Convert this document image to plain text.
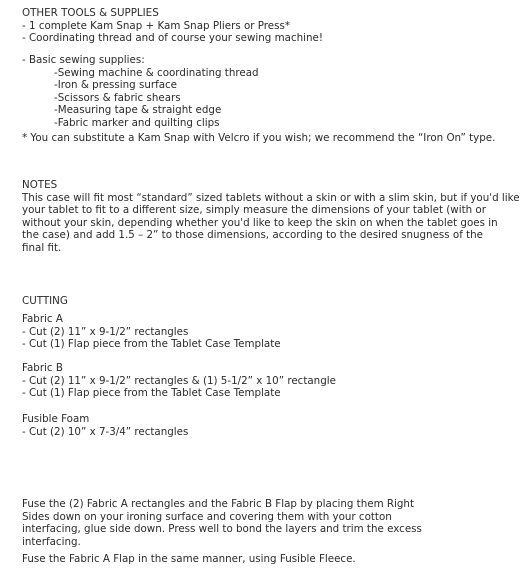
OTHER TOOLS & SUPPLIES
- 1 complete Kam Snap + Kam Snap Pliers or Press*
- Coordinating thread and of course your sewing machine!
- Basic sewing supplies:
-Sewing machine & coordinating thread
-Iron & pressing surface
-Scissors & fabric shears
-Measuring tape & straight edge
-Fabric marker and quilting clips
* You can substitute a Kam Snap with Velcro if you wish; we recommend the “Iron On” type.
NOTES
This case will fit most “standard” sized tablets without a skin or with a slim skin, but if you'd like
your tablet to fit to a different size, simply measure the dimensions of your tablet (with or
without your skin, depending whether you'd like to keep the skin on when the tablet goes in
the case) and add 1.5 – 2” to those dimensions, according to the desired snugness of the
final fit.
CUTTING
Fabric A
- Cut (2) 11” x 9-1/2” rectangles
- Cut (1) Flap piece from the Tablet Case Template
Fabric B
- Cut (2) 11” x 9-1/2” rectangles & (1) 5-1/2” x 10” rectangle
- Cut (1) Flap piece from the Tablet Case Template
Fusible Foam
- Cut (2) 10” x 7-3/4” rectangles
Fuse the (2) Fabric A rectangles and the Fabric B Flap by placing them Right
Sides down on your ironing surface and covering them with your cotton
interfacing, glue side down. Press well to bond the layers and trim the excess
interfacing.
Fuse the Fabric A Flap in the same manner, using Fusible Fleece.
